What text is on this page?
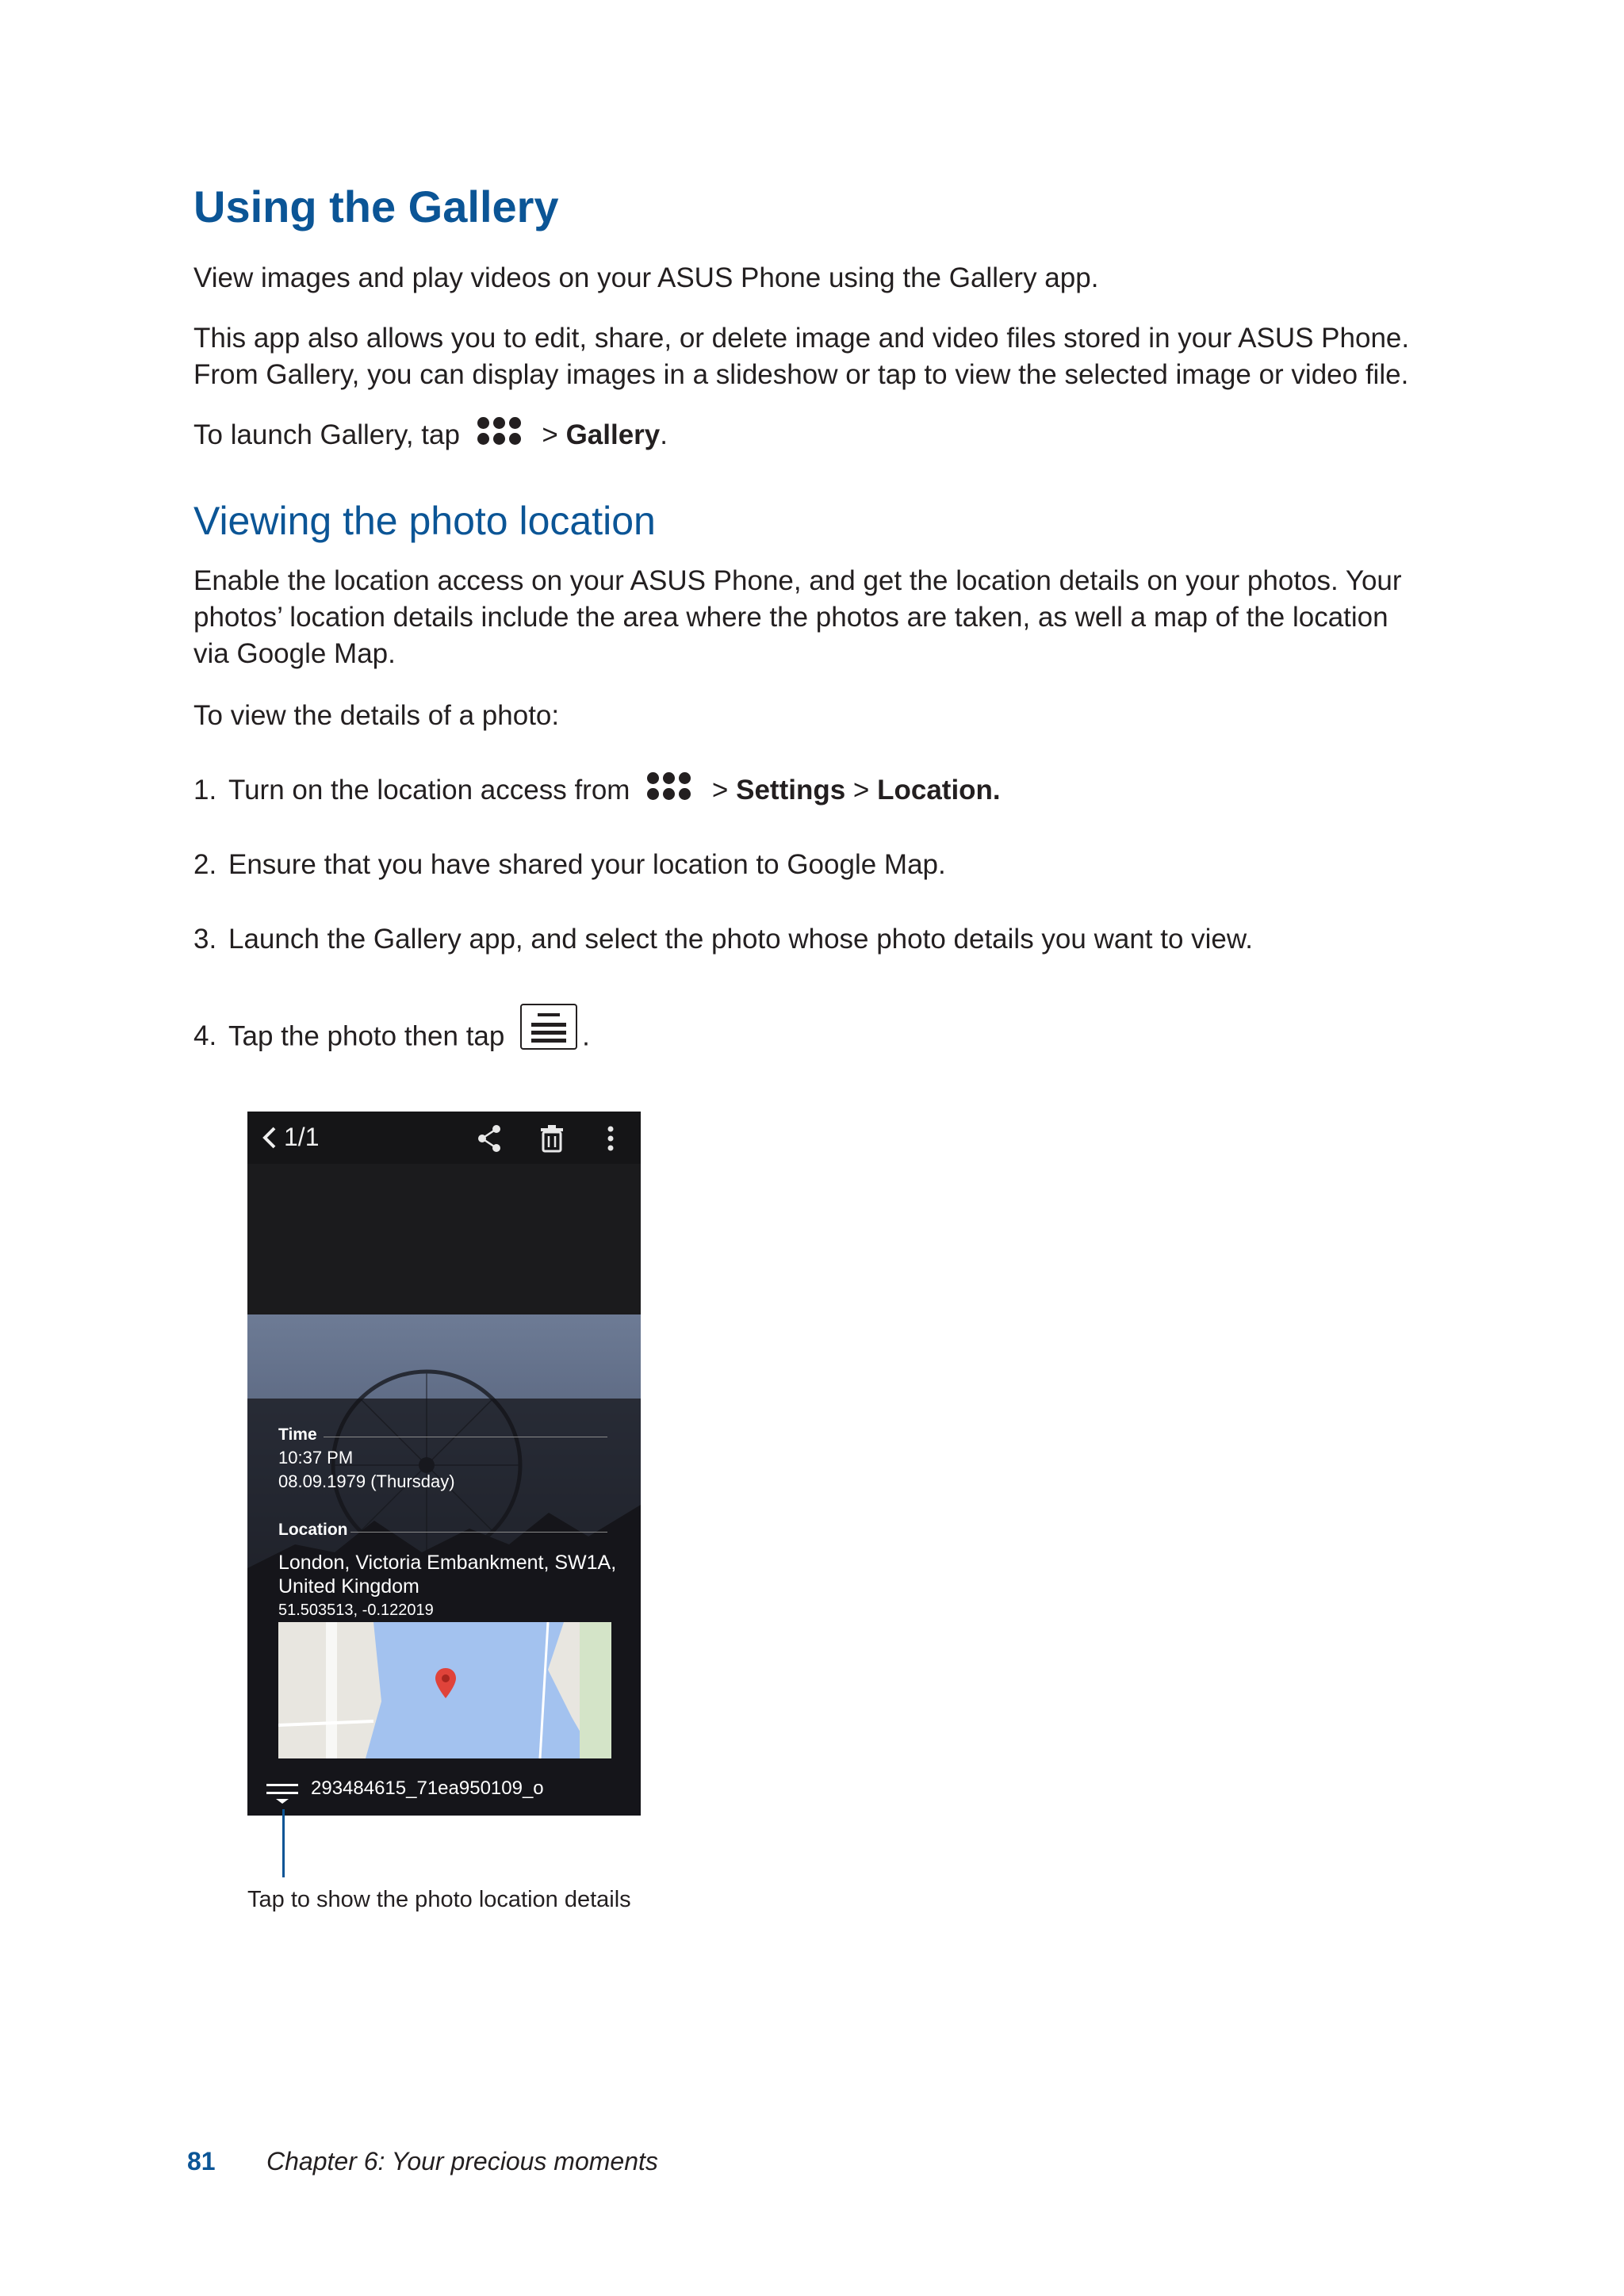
Using the Gallery

View images and play videos on your ASUS Phone using the Gallery app.

This app also allows you to edit, share, or delete image and video files stored in your ASUS Phone.

From Gallery, you can display images in a slideshow or tap to view the selected image or video file.

To launch Gallery, tap	> Gallery.

Viewing the photo location

Enable the location access on your ASUS Phone, and get the location details on your photos. Your

photos’ location details include the area where the photos are taken, as well a map of the location

via Google Map.

To view the details of a photo:

1. Turn on the location access from	> Settings > Location.

2. Ensure that you have shared your location to Google Map.

3. Launch the Gallery app, and select the photo whose photo details you want to view.

4. Tap the photo then tap	.

1/1
Time
10:37 PM
08.09.1979 (Thursday)
Location
London, Victoria Embankment, SW1A,
United Kingdom
51.503513, -0.122019
293484615_71ea950109_o

Tap to show the photo location details

81 Chapter 6: Your precious moments
